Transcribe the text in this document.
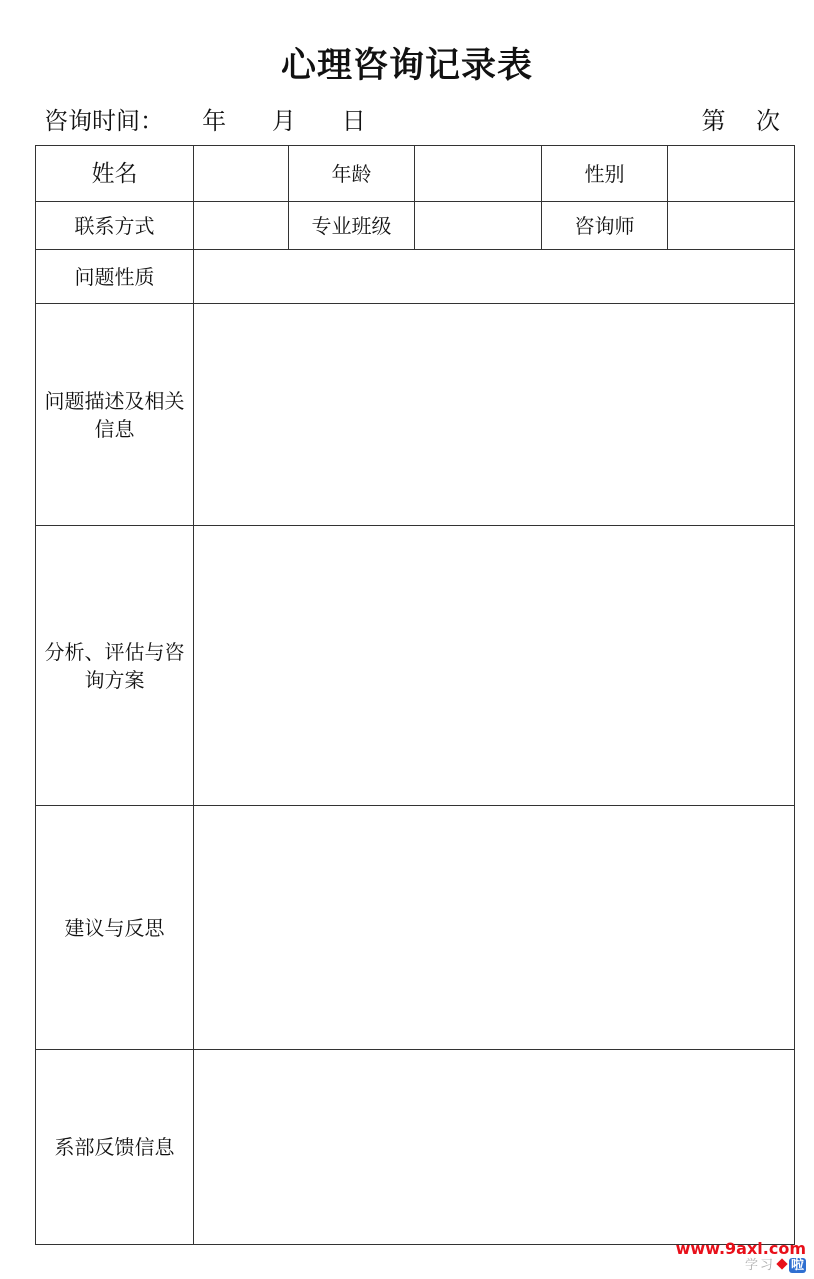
心理咨询记录表
咨询时间：     年      月      日	第    次
姓名		年龄		性别	
联系方式		专业班级		咨询师	
问题性质					
问题描述及相关信息					
分析、评估与咨询方案					
建议与反思					
系部反馈信息					
www.9axl.com
学习 啦
